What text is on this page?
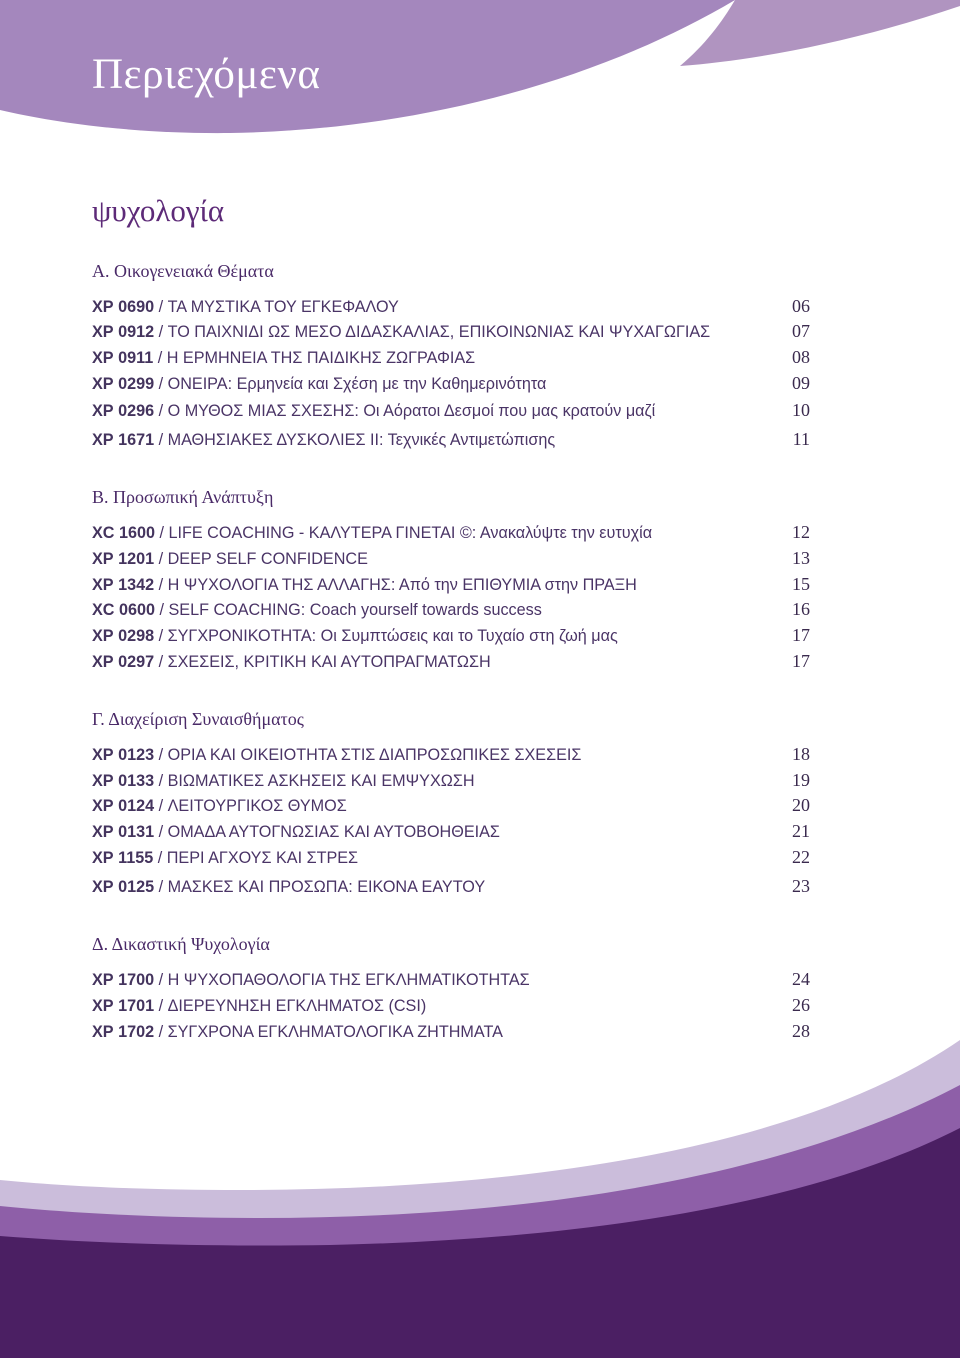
Περιεχόμενα
ψυχολογία
Α. Οικογενειακά Θέματα
ΧΡ 0690 / ΤΑ ΜΥΣΤΙΚΑ ΤΟΥ ΕΓΚΕΦΑΛΟΥ	06
ΧΡ 0912 / ΤΟ ΠΑΙΧΝΙΔΙ ΩΣ ΜΕΣΟ ΔΙΔΑΣΚΑΛΙΑΣ, ΕΠΙΚΟΙΝΩΝΙΑΣ ΚΑΙ ΨΥΧΑΓΩΓΙΑΣ	07
ΧΡ 0911 / Η ΕΡΜΗΝΕΙΑ ΤΗΣ ΠΑΙΔΙΚΗΣ ΖΩΓΡΑΦΙΑΣ	08
ΧΡ 0299 / ΟΝΕΙΡΑ: Ερμηνεία και Σχέση με την Καθημερινότητα	09
ΧΡ 0296 / Ο ΜΥΘΟΣ ΜΙΑΣ ΣΧΕΣΗΣ: Οι Αόρατοι Δεσμοί που μας κρατούν μαζί	10
ΧΡ 1671 / ΜΑΘΗΣΙΑΚΕΣ ΔΥΣΚΟΛΙΕΣ ΙΙ: Τεχνικές Αντιμετώπισης	11
Β. Προσωπική Ανάπτυξη
ΧC 1600 / LIFE COACHING - ΚΑΛΥΤΕΡΑ ΓΙΝΕΤΑΙ ©: Ανακαλύψτε την ευτυχία	12
ΧΡ 1201 / DEEP SELF CONFIDENCE	13
ΧΡ 1342 / Η ΨΥΧΟΛΟΓΙΑ ΤΗΣ ΑΛΛΑΓΗΣ: Από την ΕΠΙΘΥΜΙΑ στην ΠΡΑΞΗ	15
ΧC 0600 / SELF COACHING: Coach yourself towards success	16
ΧΡ 0298 / ΣΥΓΧΡΟΝΙΚΟΤΗΤΑ: Οι Συμπτώσεις και το Τυχαίο στη ζωή μας	17
ΧΡ 0297 / ΣΧΕΣΕΙΣ, ΚΡΙΤΙΚΗ ΚΑΙ ΑΥΤΟΠΡΑΓΜΑΤΩΣΗ	17
Γ. Διαχείριση Συναισθήματος
ΧΡ 0123 / ΟΡΙΑ ΚΑΙ ΟΙΚΕΙΟΤΗΤΑ ΣΤΙΣ ΔΙΑΠΡΟΣΩΠΙΚΕΣ ΣΧΕΣΕΙΣ	18
ΧΡ 0133 / ΒΙΩΜΑΤΙΚΕΣ ΑΣΚΗΣΕΙΣ ΚΑΙ ΕΜΨΥΧΩΣΗ	19
ΧΡ 0124 / ΛΕΙΤΟΥΡΓΙΚΟΣ ΘΥΜΟΣ	20
ΧΡ 0131 / ΟΜΑΔΑ ΑΥΤΟΓΝΩΣΙΑΣ ΚΑΙ ΑΥΤΟΒΟΗΘΕΙΑΣ	21
ΧΡ 1155 / ΠΕΡΙ ΑΓΧΟΥΣ ΚΑΙ ΣΤΡΕΣ	22
ΧΡ 0125 / ΜΑΣΚΕΣ ΚΑΙ ΠΡΟΣΩΠΑ: ΕΙΚΟΝΑ ΕΑΥΤΟΥ	23
Δ. Δικαστική Ψυχολογία
ΧΡ 1700 / Η ΨΥΧΟΠΑΘΟΛΟΓΙΑ ΤΗΣ ΕΓΚΛΗΜΑΤΙΚΟΤΗΤΑΣ	24
ΧΡ 1701 / ΔΙΕΡΕΥΝΗΣΗ ΕΓΚΛΗΜΑΤΟΣ (CSI)	26
ΧΡ 1702 / ΣΥΓΧΡΟΝΑ ΕΓΚΛΗΜΑΤΟΛΟΓΙΚΑ ΖΗΤΗΜΑΤΑ	28
